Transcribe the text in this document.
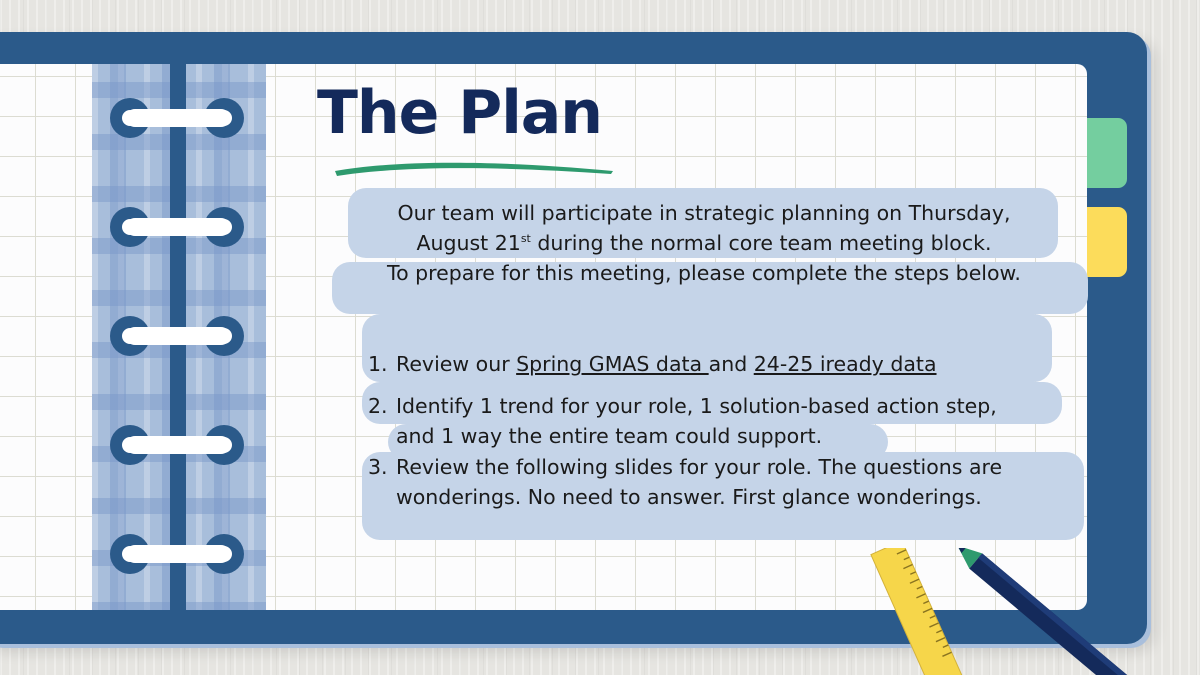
The Plan

Our team will participate in strategic planning on Thursday,

August 21st during the normal core team meeting block.

To prepare for this meeting, please complete the steps below.

1. Review our Spring GMAS data and 24-25 iready data
2. Identify 1 trend for your role, 1 solution-based action step,
and 1 way the entire team could support.
3. Review the following slides for your role. The questions are
wonderings. No need to answer. First glance wonderings.
